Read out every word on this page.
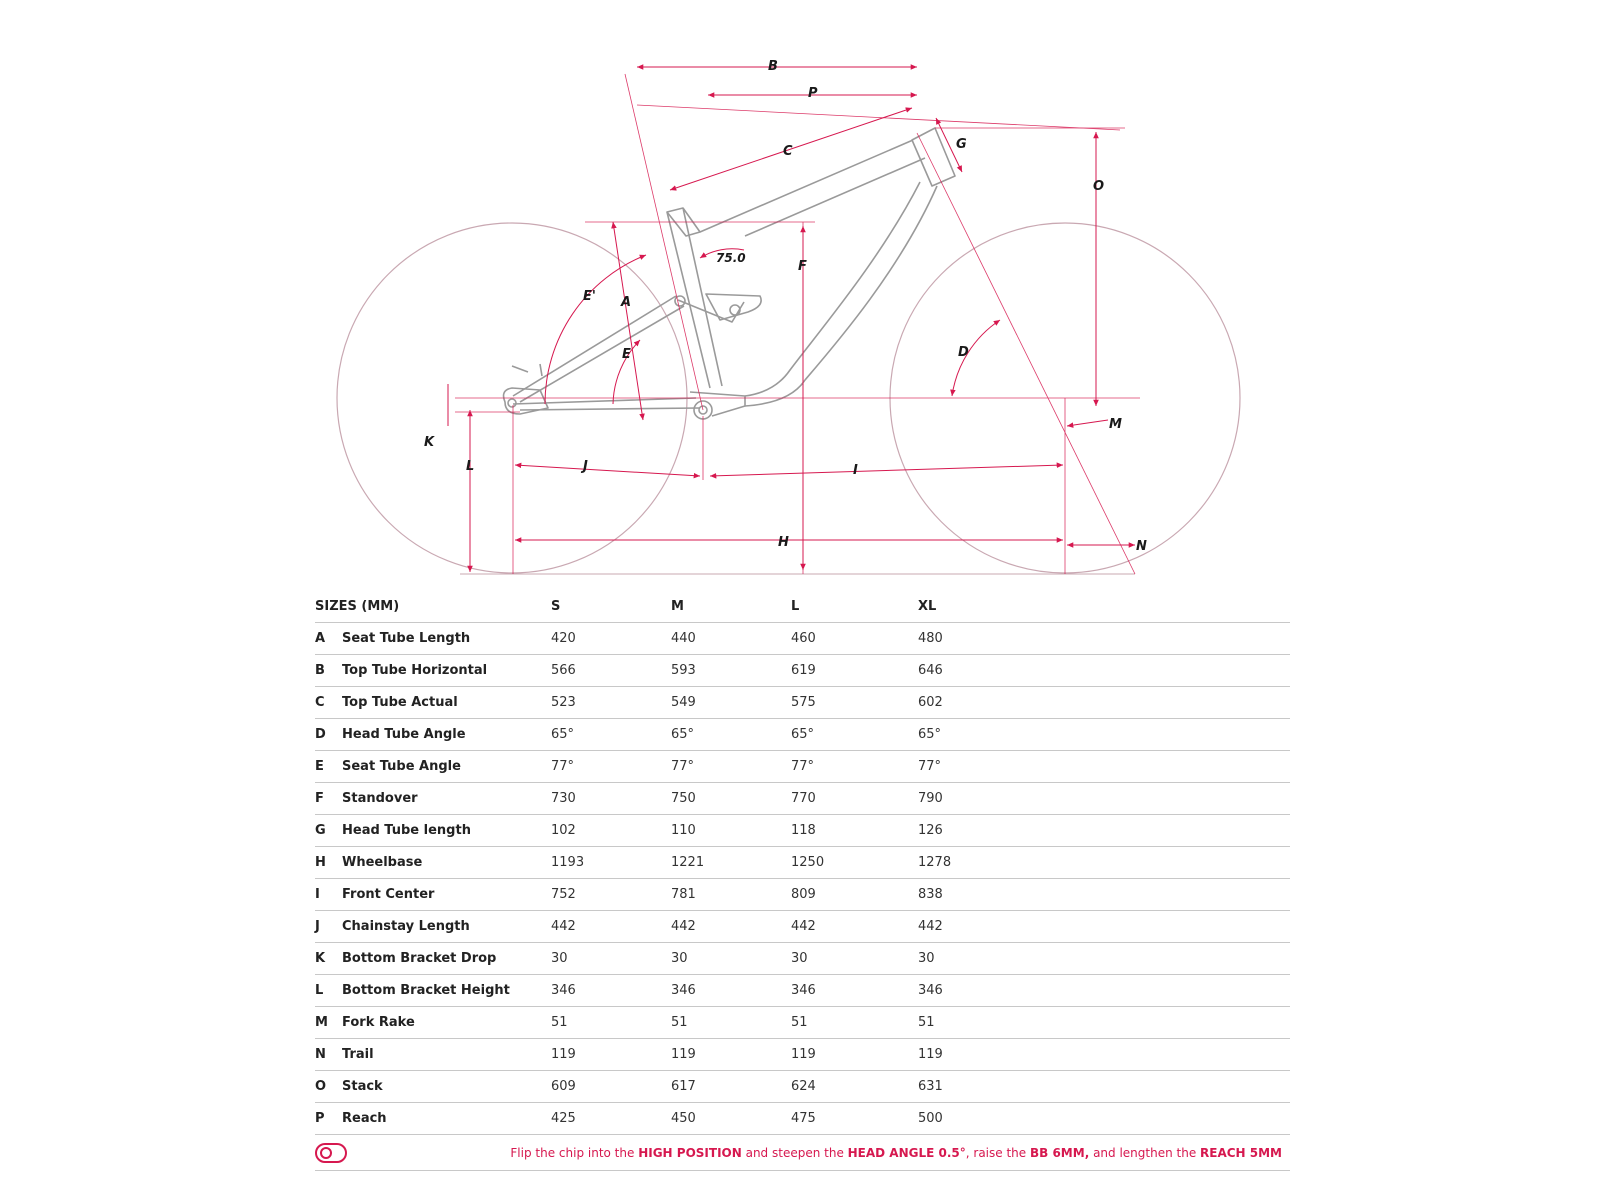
B
P
C	G
O
F
A
E'
E	D
K
L	J	I
H
M
N
75.0
SIZES (MM)		S	M	L	XL
A	Seat Tube Length	420	440	460	480
B	Top Tube Horizontal	566	593	619	646
C	Top Tube Actual	523	549	575	602
D	Head Tube Angle	65°	65°	65°	65°
E	Seat Tube Angle	77°	77°	77°	77°
F	Standover	730	750	770	790
G	Head Tube length	102	110	118	126
H	Wheelbase	1193	1221	1250	1278
I	Front Center	752	781	809	838
J	Chainstay Length	442	442	442	442
K	Bottom Bracket Drop	30	30	30	30
L	Bottom Bracket Height	346	346	346	346
M	Fork Rake	51	51	51	51
N	Trail	119	119	119	119
O	Stack	609	617	624	631
P	Reach	425	450	475	500
Flip the chip into the HIGH POSITION and steepen the HEAD ANGLE 0.5°, raise the BB 6MM, and lengthen the REACH 5MM
